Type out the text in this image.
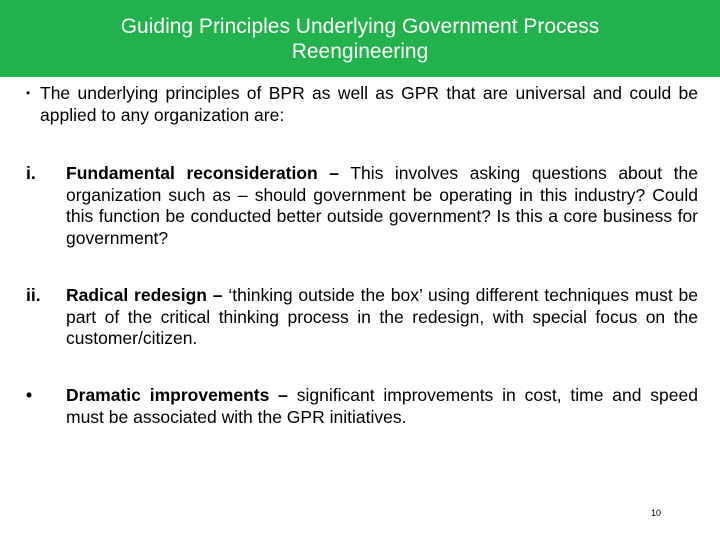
Guiding Principles Underlying Government Process Reengineering
• The underlying principles of BPR as well as GPR that are universal and could be applied to any organization are:
i. Fundamental reconsideration – This involves asking questions about the organization such as – should government be operating in this industry? Could this function be conducted better outside government? Is this a core business for government?
ii. Radical redesign – ‘thinking outside the box’ using different techniques must be part of the critical thinking process in the redesign, with special focus on the customer/citizen.
• Dramatic improvements – significant improvements in cost, time and speed must be associated with the GPR initiatives.
10
